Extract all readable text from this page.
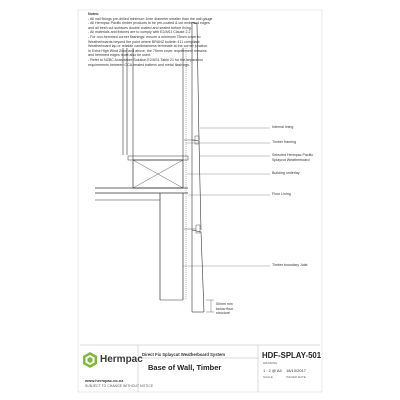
Notes:
- All nail fixings pre-drilled minimum 1mm diameter smaller than the nail gauge.
- All Hermpac Pacific timber products to be pre-coated & cut ends and edges
and all fresh cut surfaces double coated and sealed before fixing.
- All materials and fixtures are to comply with E2/AS1 Clause 2.2
- For non-hemmed corner flashings: ensure a minimum 75mm cover to
Weatherboards beyond the point where BRANZ bulletin 411 compliant
Weatherboard lap or reliable cambrianness terminate at the corner junction.
In Extra High Wind Zone and above, the 75mm cover requirement remains
and hemmed edges must also be used.
- Refer to NZBC Acceptable Solution E2/AS1 Table 21 for the separation
requirements between CCA treated battens and metal flashings.
Internal lining
Timber framing
Selected Hermpac Pacific
Splaycut Weatherboard
Building underlay
Floor Lining
Timber boundary Joist
50mm min
below floor
structure
Hermpac
www.hermpac.co.nz
SUBJECT TO CHANGE WITHOUT NOTICE
Direct Fix Splaycut Weatherboard System
Base of Wall, Timber
HDF-SPLAY-501
DRAWING
1 : 2 @ A4
SCALE
18/10/2017
ISSUED DATE
